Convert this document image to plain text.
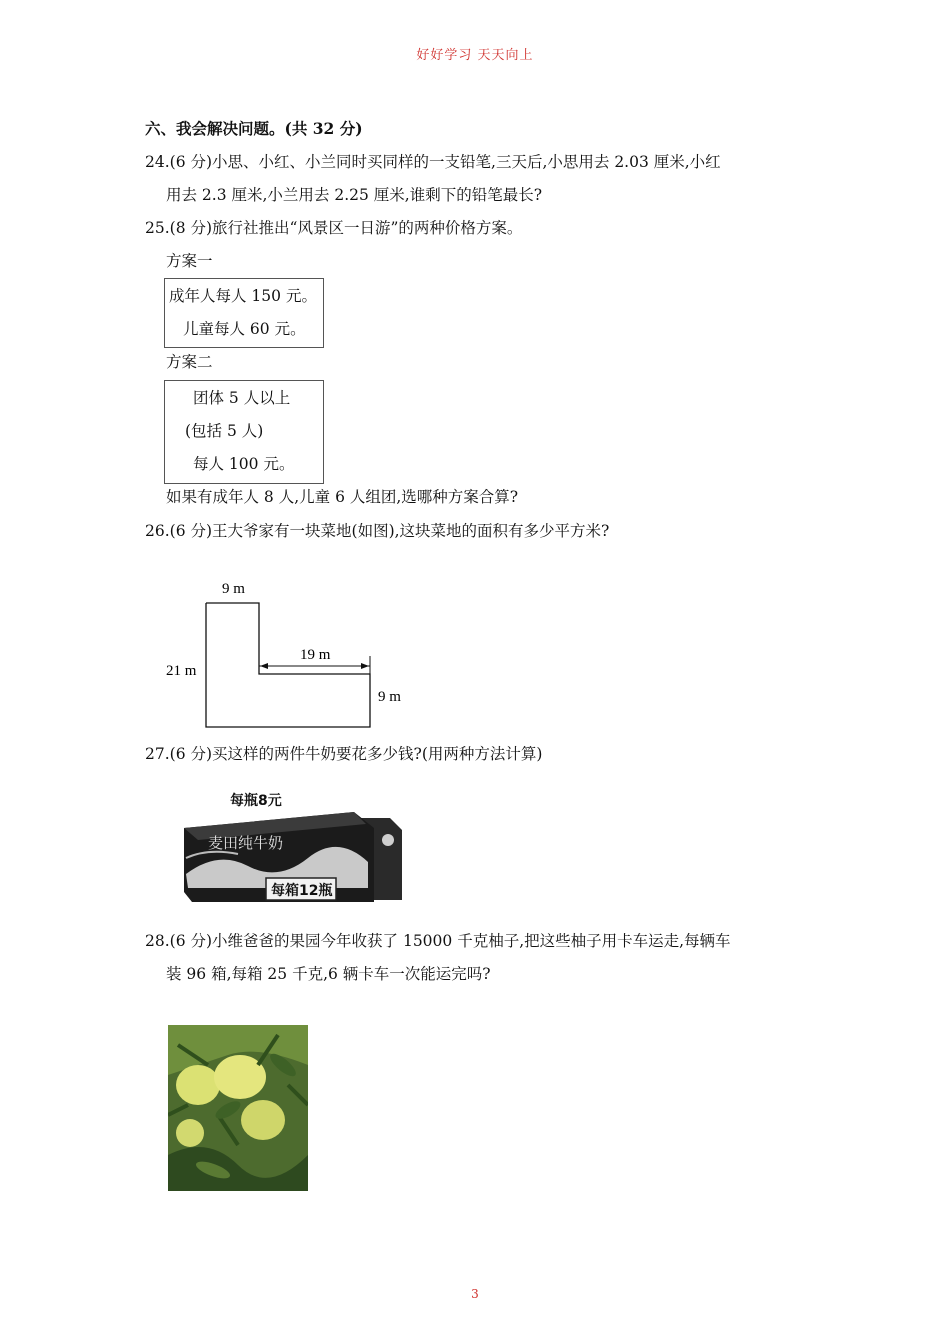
好好学习 天天向上
六、我会解决问题。(共 32 分)
24.(6 分)小思、小红、小兰同时买同样的一支铅笔,三天后,小思用去 2.03 厘米,小红
用去 2.3 厘米,小兰用去 2.25 厘米,谁剩下的铅笔最长?
25.(8 分)旅行社推出“风景区一日游”的两种价格方案。
方案一
成年人每人 150 元。
儿童每人 60 元。
方案二
团体 5 人以上
(包括 5 人)
每人 100 元。
如果有成年人 8 人,儿童 6 人组团,选哪种方案合算?
26.(6 分)王大爷家有一块菜地(如图),这块菜地的面积有多少平方米?
9 m
21 m
19 m
9 m
27.(6 分)买这样的两件牛奶要花多少钱?(用两种方法计算)
每瓶8元
麦田纯牛奶
每箱12瓶
28.(6 分)小维爸爸的果园今年收获了 15000 千克柚子,把这些柚子用卡车运走,每辆车
装 96 箱,每箱 25 千克,6 辆卡车一次能运完吗?
3
